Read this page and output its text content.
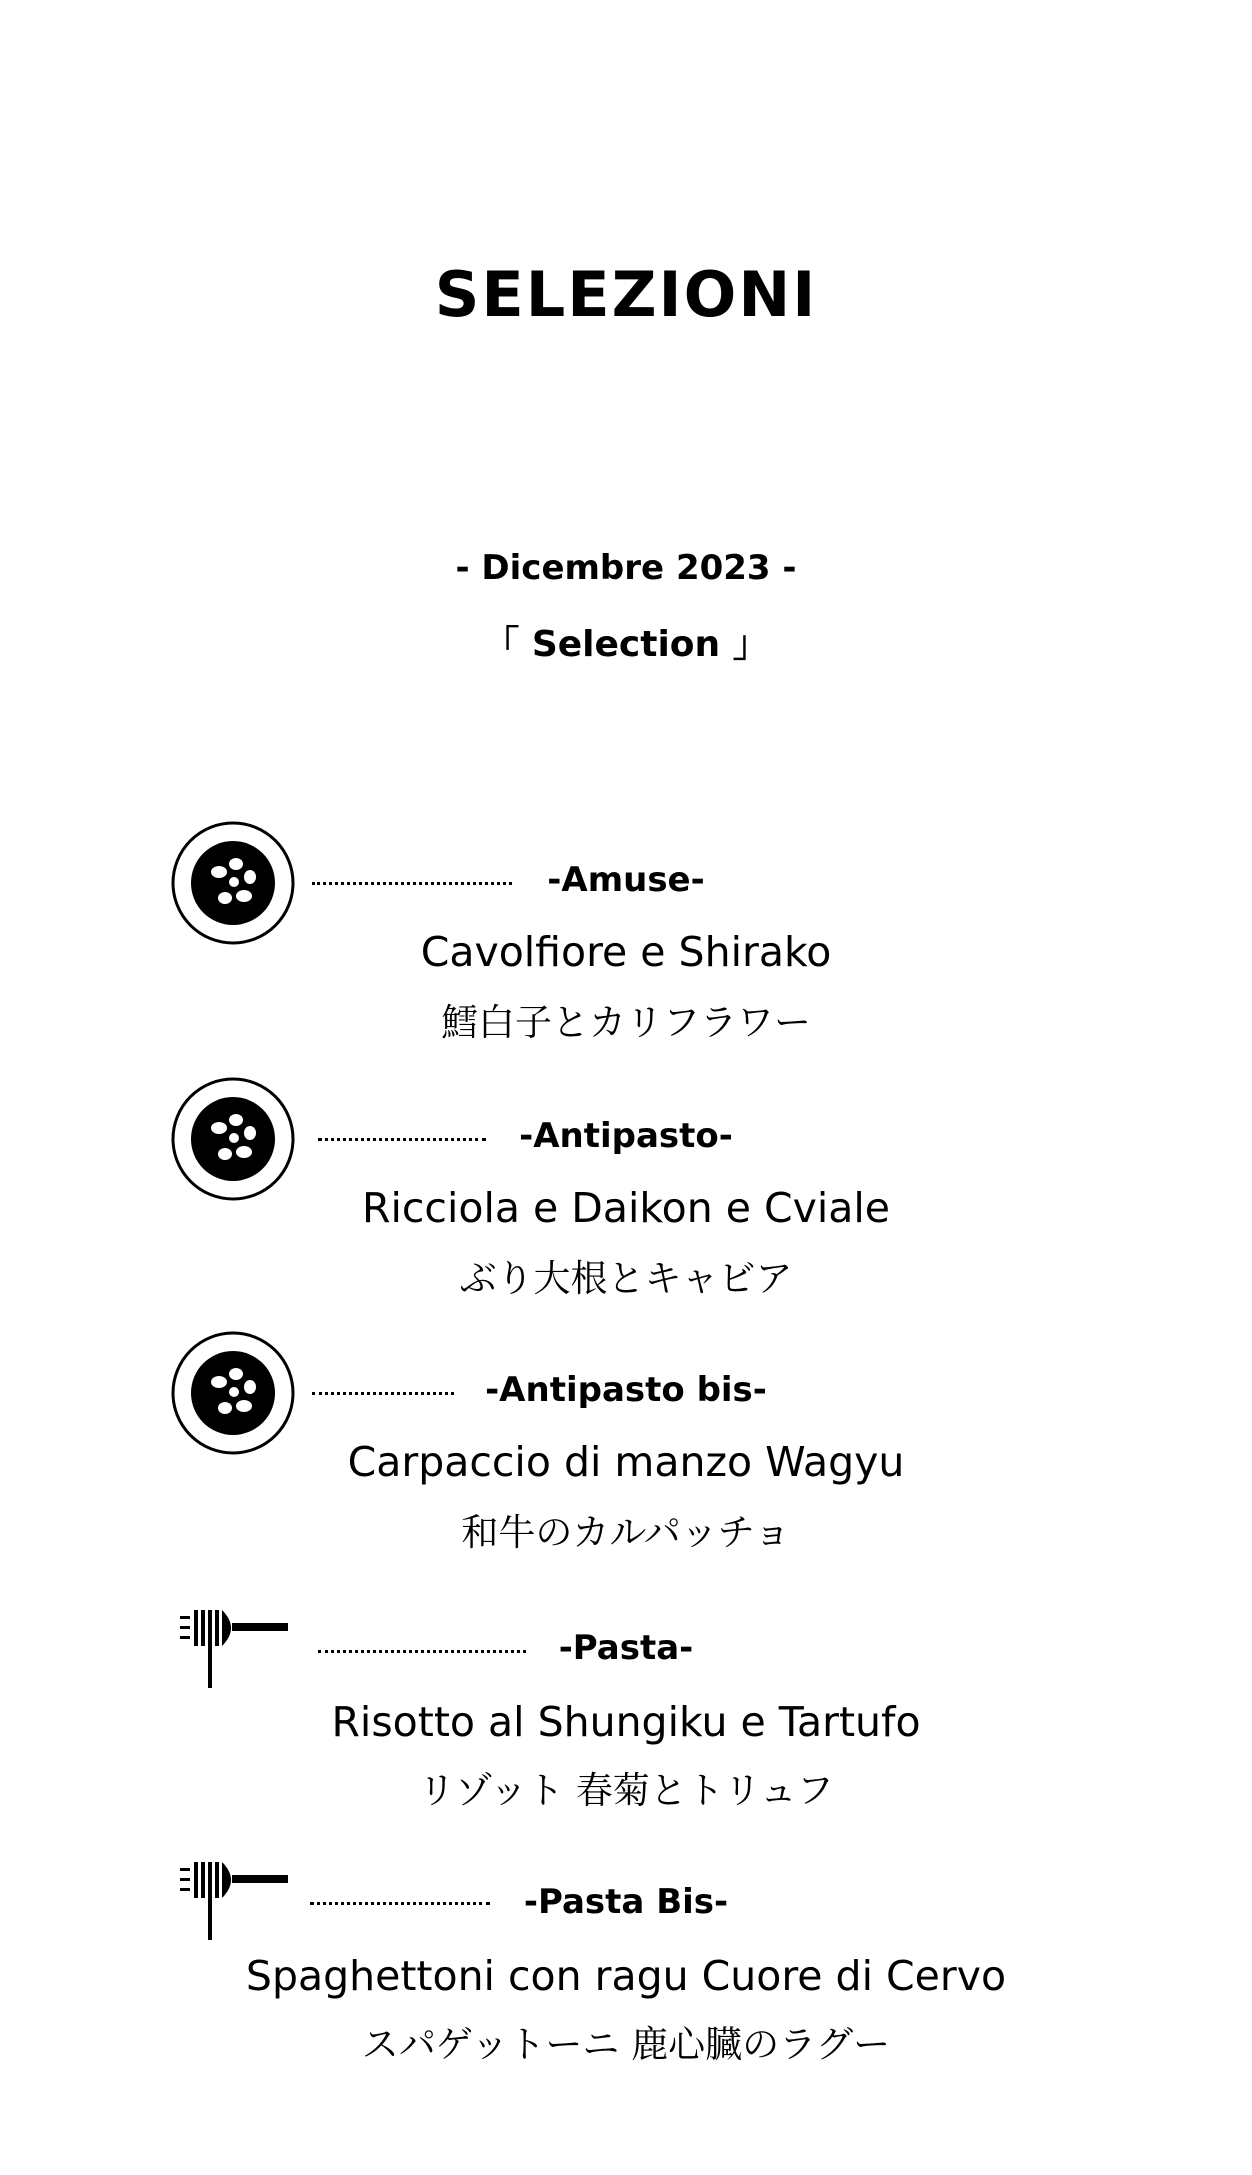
SELEZIONI
- Dicembre 2023 -
「 Selection 」
-Amuse-
Cavolfiore e Shirako
鱈白子とカリフラワー
-Antipasto-
Ricciola e Daikon e Cviale
ぶり大根とキャビア
-Antipasto bis-
Carpaccio di manzo Wagyu
和牛のカルパッチョ
-Pasta-
Risotto al Shungiku e Tartufo
リゾット 春菊とトリュフ
-Pasta Bis-
Spaghettoni con ragu Cuore di Cervo
スパゲットーニ 鹿心臓のラグー
